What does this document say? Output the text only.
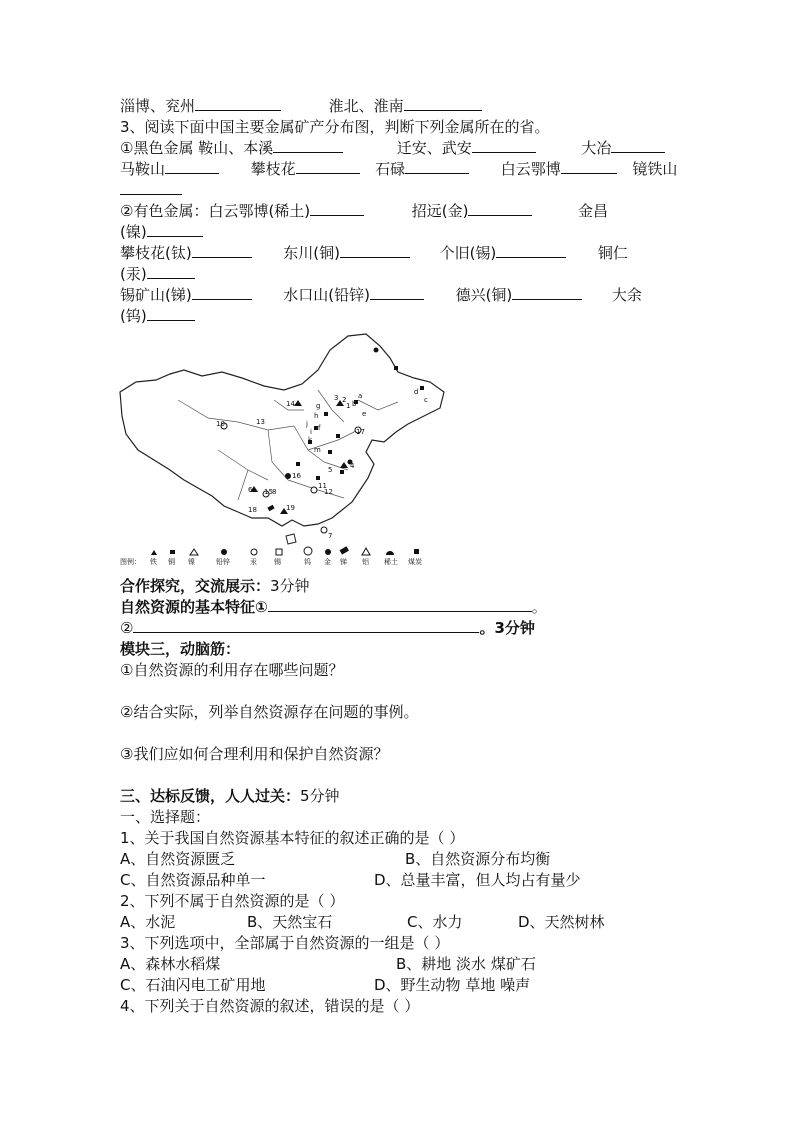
淄博、兖州	淮北、淮南
3、阅读下面中国主要金属矿产分布图，判断下列金属所在的省。
①黑色金属 鞍山、本溪	迁安、武安	大冶
马鞍山	攀枝花	石碌	白云鄂博	镜铁山
②有色金属：白云鄂博(稀土)	招远(金)	金昌
(镍)
攀枝花(钛)	东川(铜)	个旧(锡)	铜仁
(汞)
锡矿山(锑)	水口山(铅锌)	德兴(铜)	大余
(钨)
1
2
3
4
5
6
7
8
10
11
12
13
14
15
16
17
18	19
a
b	c
d
e
f
g
h
i
j
k
m
图例： 铁 铜 镍	铅锌	汞 锡	钨 金 锑 铝 稀土 煤炭
合作探究，交流展示：3分钟
自然资源的基本特征①	。
②	。3分钟
模块三，动脑筋：
①自然资源的利用存在哪些问题？
②结合实际，列举自然资源存在问题的事例。
③我们应如何合理利用和保护自然资源？
三、达标反馈，人人过关：5分钟
一、选择题：
1、关于我国自然资源基本特征的叙述正确的是（ ）
A、自然资源匮乏	B、自然资源分布均衡
C、自然资源品种单一	D、总量丰富，但人均占有量少
2、下列不属于自然资源的是（ ）
A、水泥	B、天然宝石	C、水力	D、天然树林
3、下列选项中，全部属于自然资源的一组是（ ）
A、森林水稻煤	B、耕地 淡水 煤矿石
C、石油闪电工矿用地	D、野生动物 草地 噪声
4、下列关于自然资源的叙述，错误的是（ ）
